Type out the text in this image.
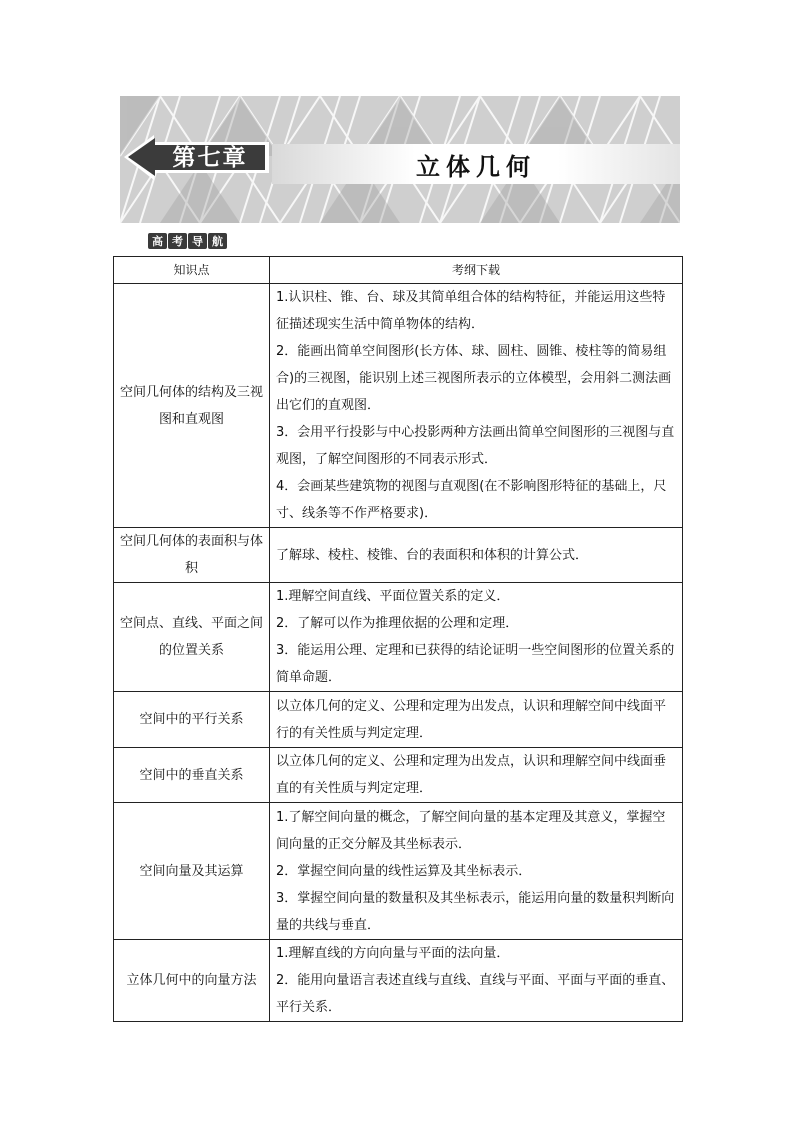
第七章	立体几何
高 考 导 航
知识点	考纲下载
空间几何体的结构及三视图和直观图	1.认识柱、锥、台、球及其简单组合体的结构特征，并能运用这些特征描述现实生活中简单物体的结构．

2．能画出简单空间图形(长方体、球、圆柱、圆锥、棱柱等的简易组合)的三视图，能识别上述三视图所表示的立体模型，会用斜二测法画出它们的直观图．

3．会用平行投影与中心投影两种方法画出简单空间图形的三视图与直观图，了解空间图形的不同表示形式．

4．会画某些建筑物的视图与直观图(在不影响图形特征的基础上，尺寸、线条等不作严格要求)．

空间几何体的表面积与体积	了解球、棱柱、棱锥、台的表面积和体积的计算公式．

空间点、直线、平面之间的位置关系	1.理解空间直线、平面位置关系的定义．

2．了解可以作为推理依据的公理和定理．

3．能运用公理、定理和已获得的结论证明一些空间图形的位置关系的简单命题．

空间中的平行关系	以立体几何的定义、公理和定理为出发点，认识和理解空间中线面平行的有关性质与判定定理．

空间中的垂直关系	以立体几何的定义、公理和定理为出发点，认识和理解空间中线面垂直的有关性质与判定定理．

空间向量及其运算	1.了解空间向量的概念，了解空间向量的基本定理及其意义，掌握空间向量的正交分解及其坐标表示．

2．掌握空间向量的线性运算及其坐标表示．

3．掌握空间向量的数量积及其坐标表示，能运用向量的数量积判断向量的共线与垂直．

立体几何中的向量方法	1.理解直线的方向向量与平面的法向量．

2．能用向量语言表述直线与直线、直线与平面、平面与平面的垂直、平行关系．
